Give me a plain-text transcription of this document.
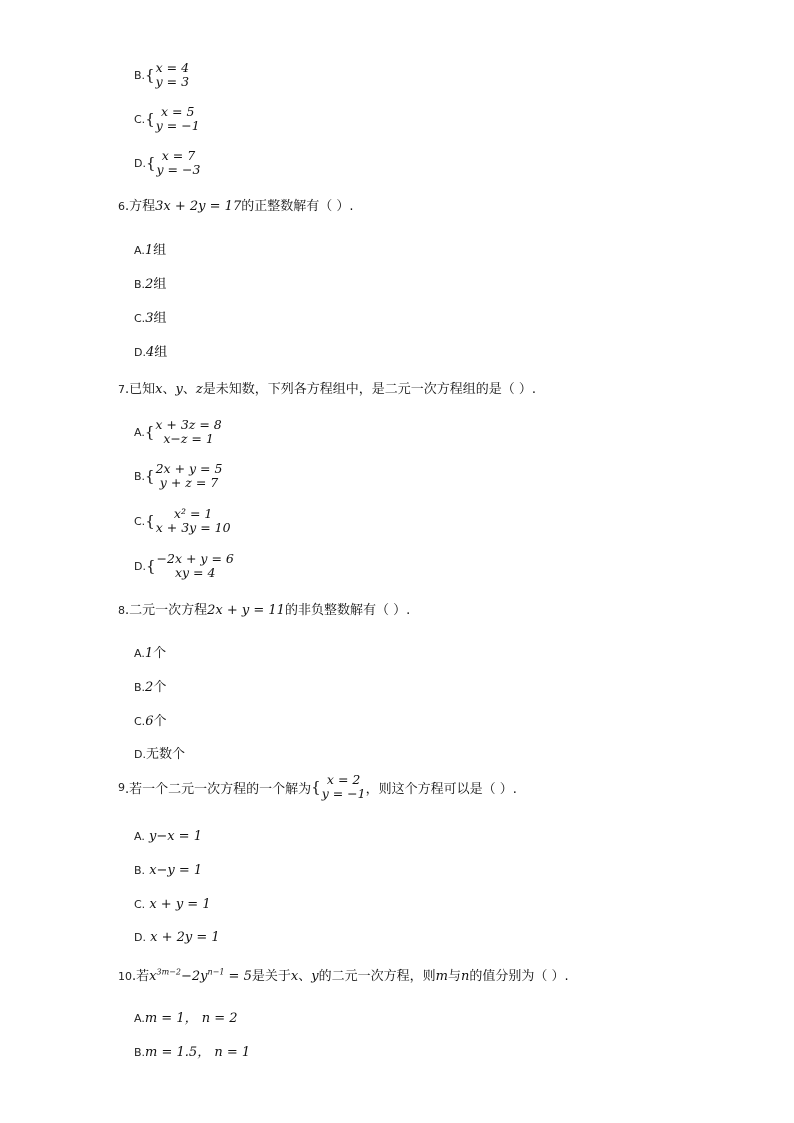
B. { x = 4
y = 3
C. { x = 5
y = −1
D. { x = 7
y = −3
6.方程3x + 2y = 17的正整数解有（ ）.
A.1组
B.2组
C.3组
D.4组
7.已知x、y、z是未知数，下列各方程组中，是二元一次方程组的是（ ）.
A. { x + 3z = 8
x−z = 1
B. { 2x + y = 5
y + z = 7
C. { x² = 1
x + 3y = 10
D. { −2x + y = 6
xy = 4
8.二元一次方程2x + y = 11的非负整数解有（ ）.
A.1个
B.2个
C.6个
D.无数个
9 .若一个二元一次方程的一个解为 { x = 2
y = −1 ，则这个方程可以是（ ）.
A. y−x = 1
B. x−y = 1
C. x + y = 1
D. x + 2y = 1
10.若$x^{3m-2}-2y^{n-1} = 5$是关于x、y的二元一次方程，则m与n的值分别为（ ）.
A.m = 1， n = 2
B.m = 1.5， n = 1
